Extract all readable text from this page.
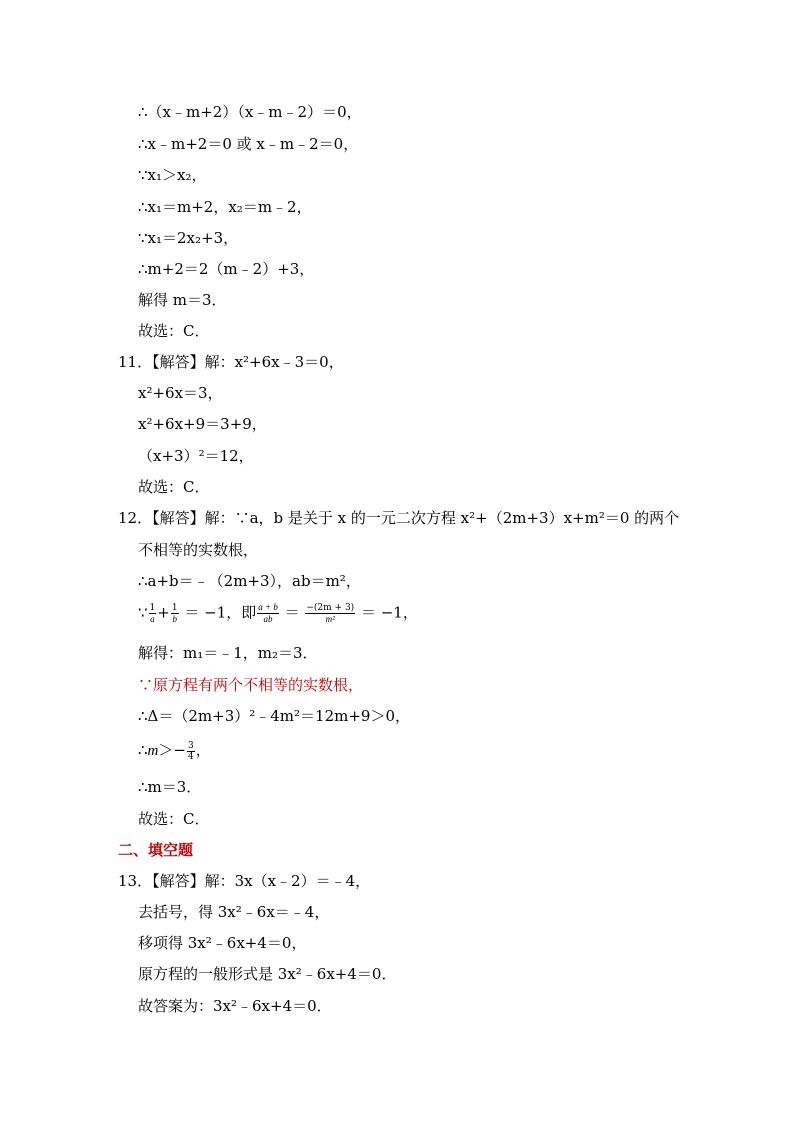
∴（x﹣m+2）（x﹣m﹣2）＝0，
∴x﹣m+2＝0 或 x﹣m﹣2＝0，
∵x₁＞x₂，
∴x₁＝m+2，x₂＝m﹣2，
∵x₁＝2x₂+3，
∴m+2＝2（m﹣2）+3，
解得 m＝3．
故选：C．
11．【解答】解：x²+6x﹣3＝0，
x²+6x＝3，
x²+6x+9＝3+9，
（x+3）²＝12，
故选：C．
12．【解答】解：∵a，b 是关于 x 的一元二次方程 x²+（2m+3）x+m²＝0 的两个
不相等的实数根，
∴a+b＝﹣（2m+3），ab＝m²，
∵ $\frac{1}{a} + \frac{1}{b} = -1$，即 $\frac{a + b}{ab} = \frac{-(2m + 3)}{\text{m²}} = -1$，
解得：m₁＝﹣1，m₂＝3．
∵原方程有两个不相等的实数根，
∴Δ＝（2m+3）²﹣4m²＝12m+9＞0，
∴m＞− $\frac{3}{4}$ ，
∴m＝3．
故选：C．
二、填空题
13．【解答】解：3x（x﹣2）＝﹣4，
去括号，得 3x²﹣6x＝﹣4，
移项得 3x²﹣6x+4＝0，
原方程的一般形式是 3x²﹣6x+4＝0．
故答案为：3x²﹣6x+4＝0．
